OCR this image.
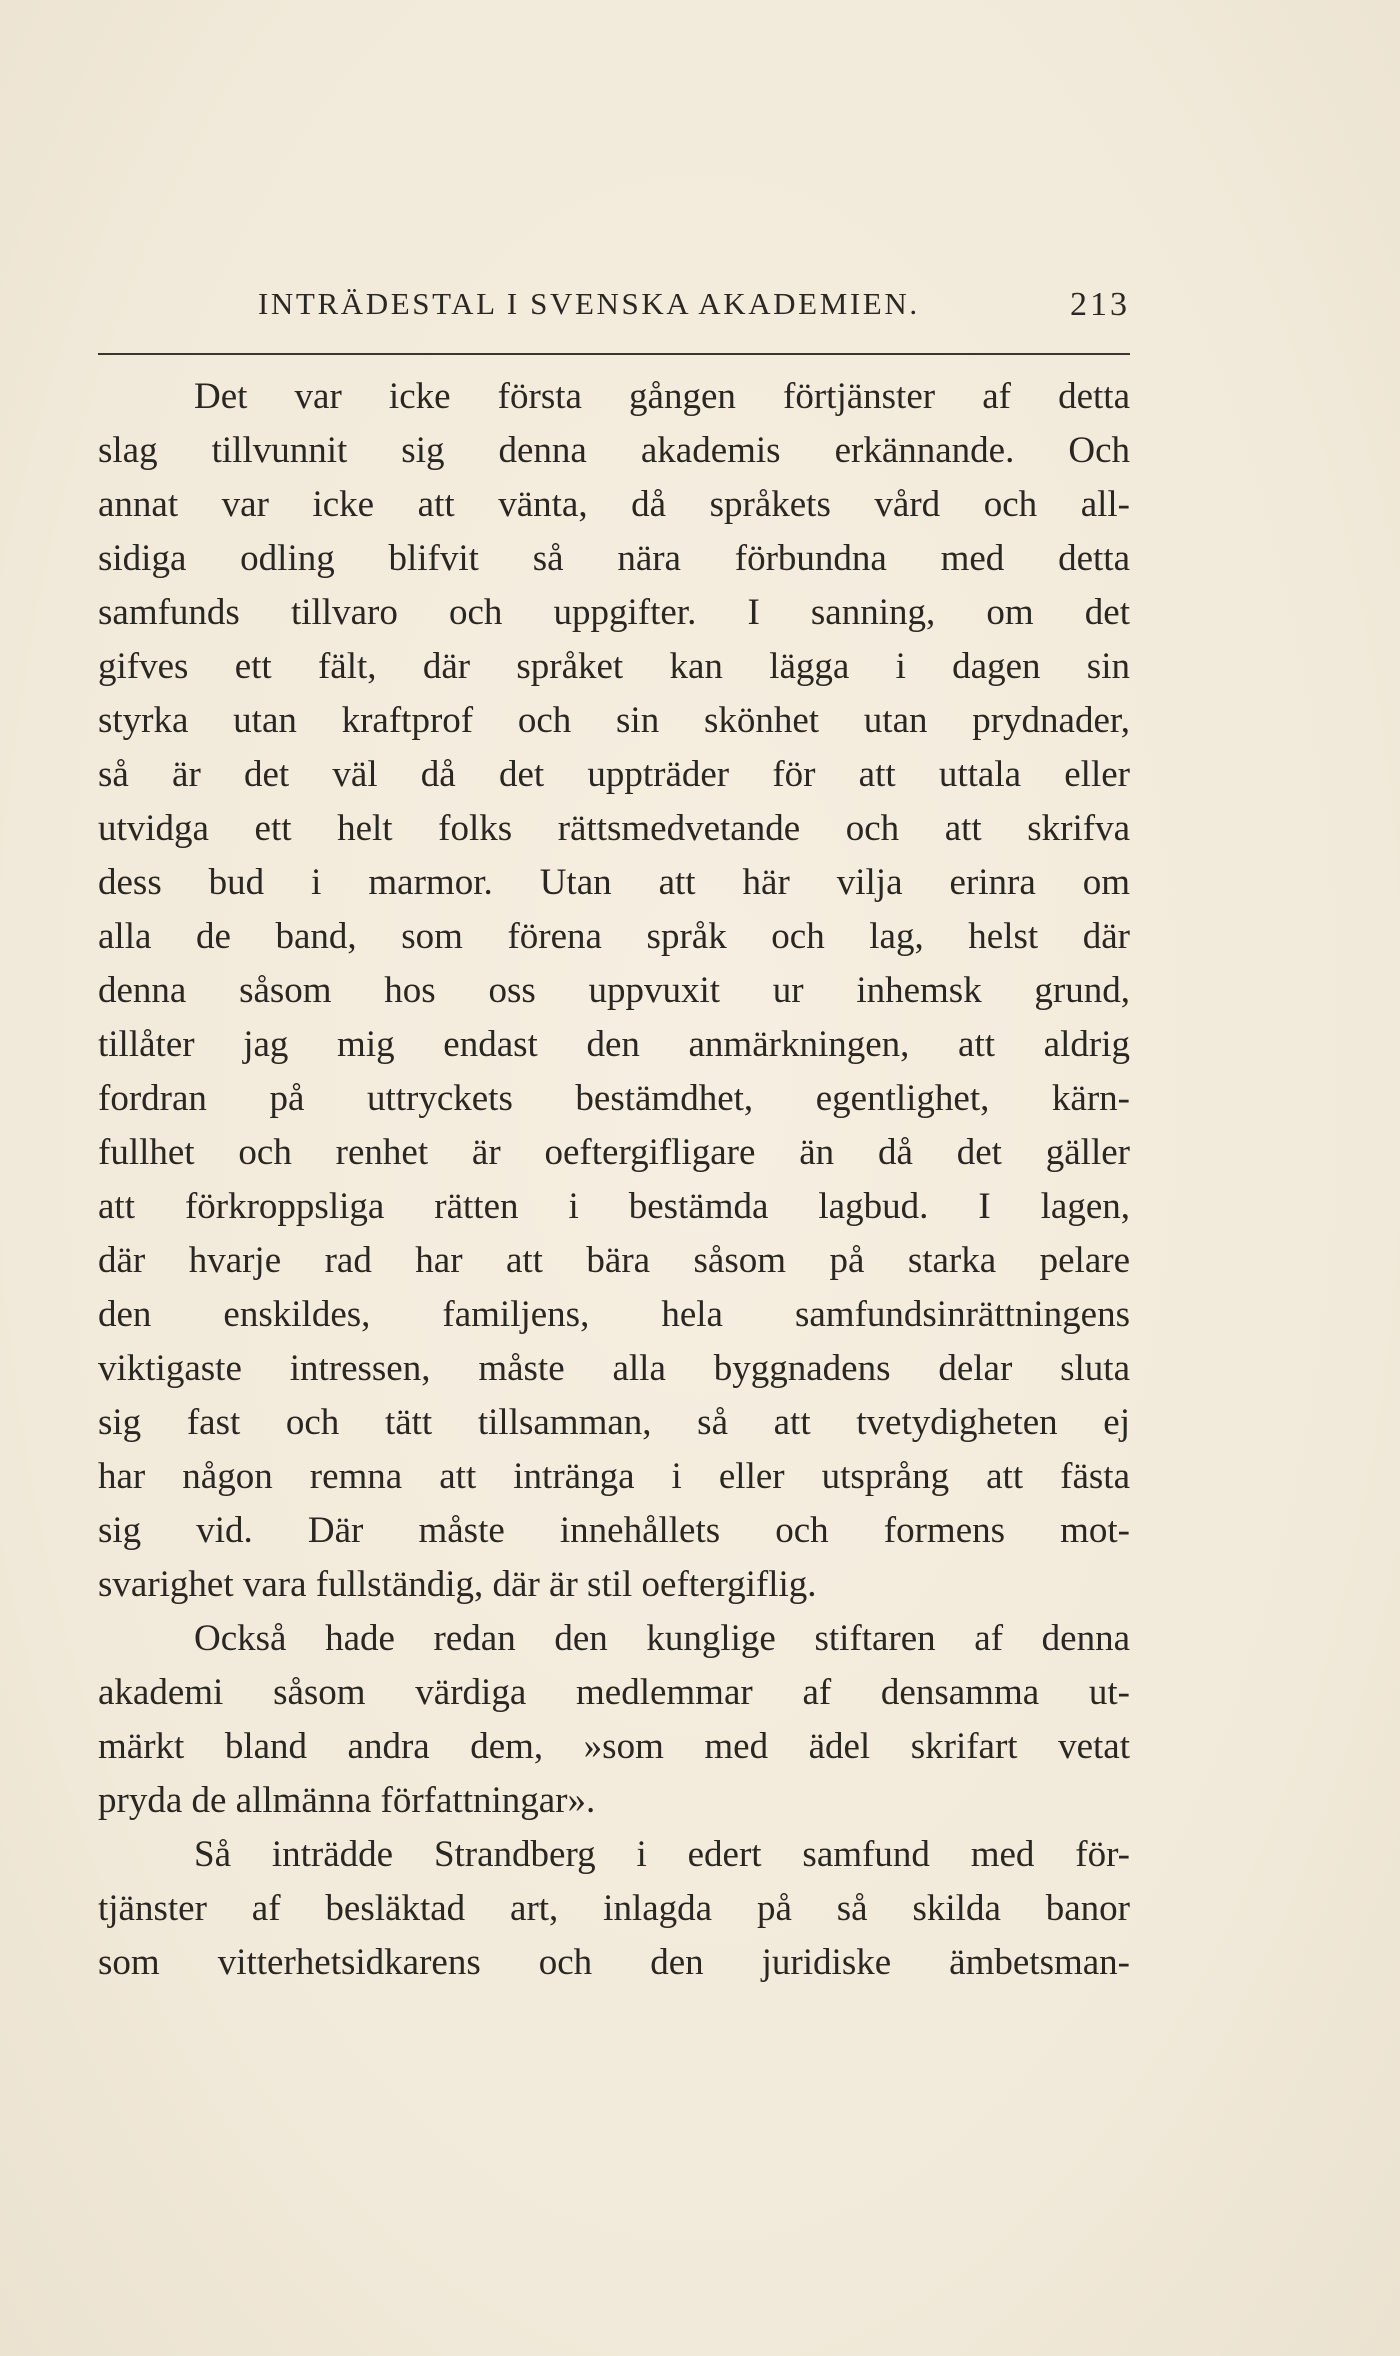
INTRÄDESTAL I SVENSKA AKADEMIEN.	213
Det var icke första gången förtjänster af detta
slag tillvunnit sig denna akademis erkännande. Och
annat var icke att vänta, då språkets vård och all-
sidiga odling blifvit så nära förbundna med detta
samfunds tillvaro och uppgifter. I sanning, om det
gifves ett fält, där språket kan lägga i dagen sin
styrka utan kraftprof och sin skönhet utan prydnader,
så är det väl då det uppträder för att uttala eller
utvidga ett helt folks rättsmedvetande och att skrifva
dess bud i marmor. Utan att här vilja erinra om
alla de band, som förena språk och lag, helst där
denna såsom hos oss uppvuxit ur inhemsk grund,
tillåter jag mig endast den anmärkningen, att aldrig
fordran på uttryckets bestämdhet, egentlighet, kärn-
fullhet och renhet är oeftergifligare än då det gäller
att förkroppsliga rätten i bestämda lagbud. I lagen,
där hvarje rad har att bära såsom på starka pelare
den enskildes, familjens, hela samfundsinrättningens
viktigaste intressen, måste alla byggnadens delar sluta
sig fast och tätt tillsamman, så att tvetydigheten ej
har någon remna att intränga i eller utsprång att fästa
sig vid. Där måste innehållets och formens mot-
svarighet vara fullständig, där är stil oeftergiflig.
Också hade redan den kunglige stiftaren af denna
akademi såsom värdiga medlemmar af densamma ut-
märkt bland andra dem, »som med ädel skrifart vetat
pryda de allmänna författningar».
Så inträdde Strandberg i edert samfund med för-
tjänster af besläktad art, inlagda på så skilda banor
som vitterhetsidkarens och den juridiske ämbetsman-
